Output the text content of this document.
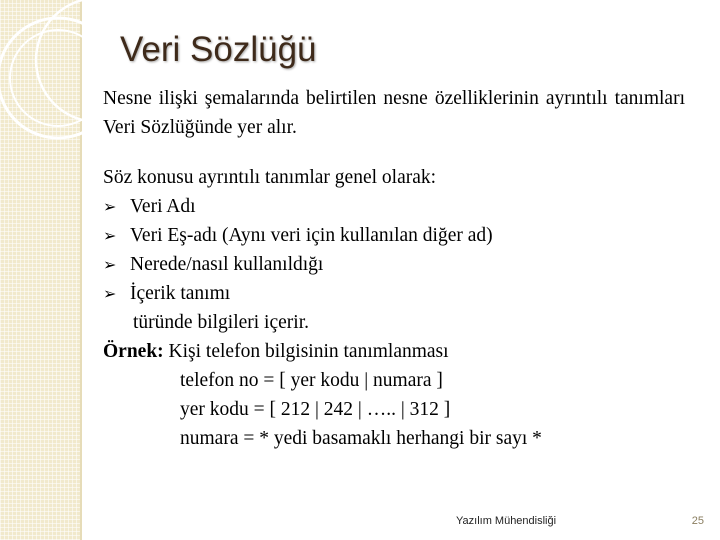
Veri Sözlüğü
Nesne ilişki şemalarında belirtilen nesne özelliklerinin ayrıntılı tanımları Veri Sözlüğünde yer alır.
Söz konusu ayrıntılı tanımlar genel olarak:
➢ Veri Adı
➢ Veri Eş-adı (Aynı veri için kullanılan diğer ad)
➢ Nerede/nasıl kullanıldığı
➢ İçerik tanımı
türünde bilgileri içerir.
Örnek: Kişi telefon bilgisinin tanımlanması
telefon no = [ yer kodu | numara ]
yer kodu = [ 212 | 242 | ….. | 312 ]
numara = * yedi basamaklı herhangi bir sayı *
Yazılım Mühendisliği	25
